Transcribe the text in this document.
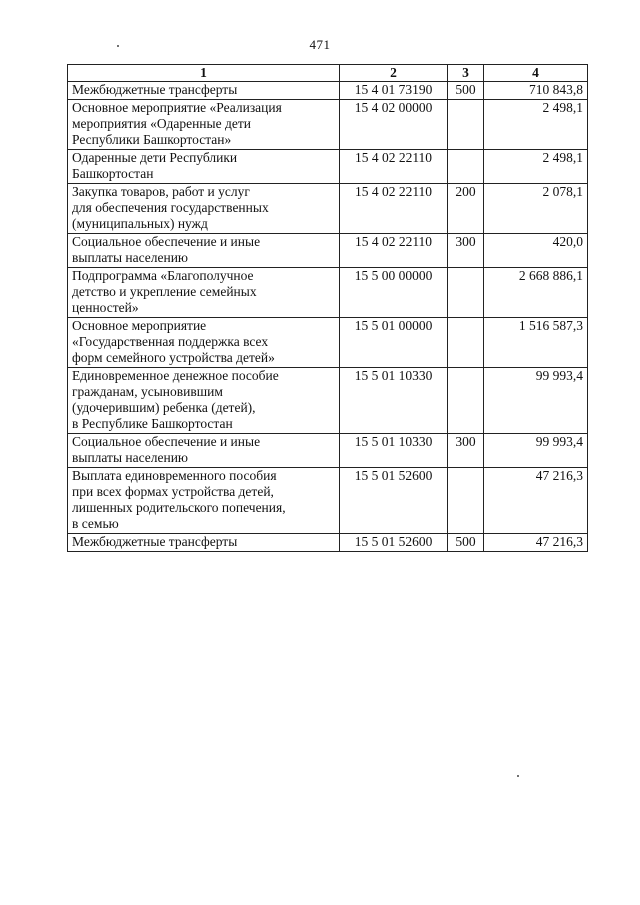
471
1	2	3	4
Межбюджетные трансферты	15 4 01 73190	500	710 843,8
Основное мероприятие «Реализация
мероприятия «Одаренные дети
Республики Башкортостан»	15 4 02 00000		2 498,1
Одаренные дети Республики
Башкортостан	15 4 02 22110		2 498,1
Закупка товаров, работ и услуг
для обеспечения государственных
(муниципальных) нужд	15 4 02 22110	200	2 078,1
Социальное обеспечение и иные
выплаты населению	15 4 02 22110	300	420,0
Подпрограмма «Благополучное
детство и укрепление семейных
ценностей»	15 5 00 00000		2 668 886,1
Основное мероприятие
«Государственная поддержка всех
форм семейного устройства детей»	15 5 01 00000		1 516 587,3
Единовременное денежное пособие
гражданам, усыновившим
(удочерившим) ребенка (детей),
в Республике Башкортостан	15 5 01 10330		99 993,4
Социальное обеспечение и иные
выплаты населению	15 5 01 10330	300	99 993,4
Выплата единовременного пособия
при всех формах устройства детей,
лишенных родительского попечения,
в семью	15 5 01 52600		47 216,3
Межбюджетные трансферты	15 5 01 52600	500	47 216,3
